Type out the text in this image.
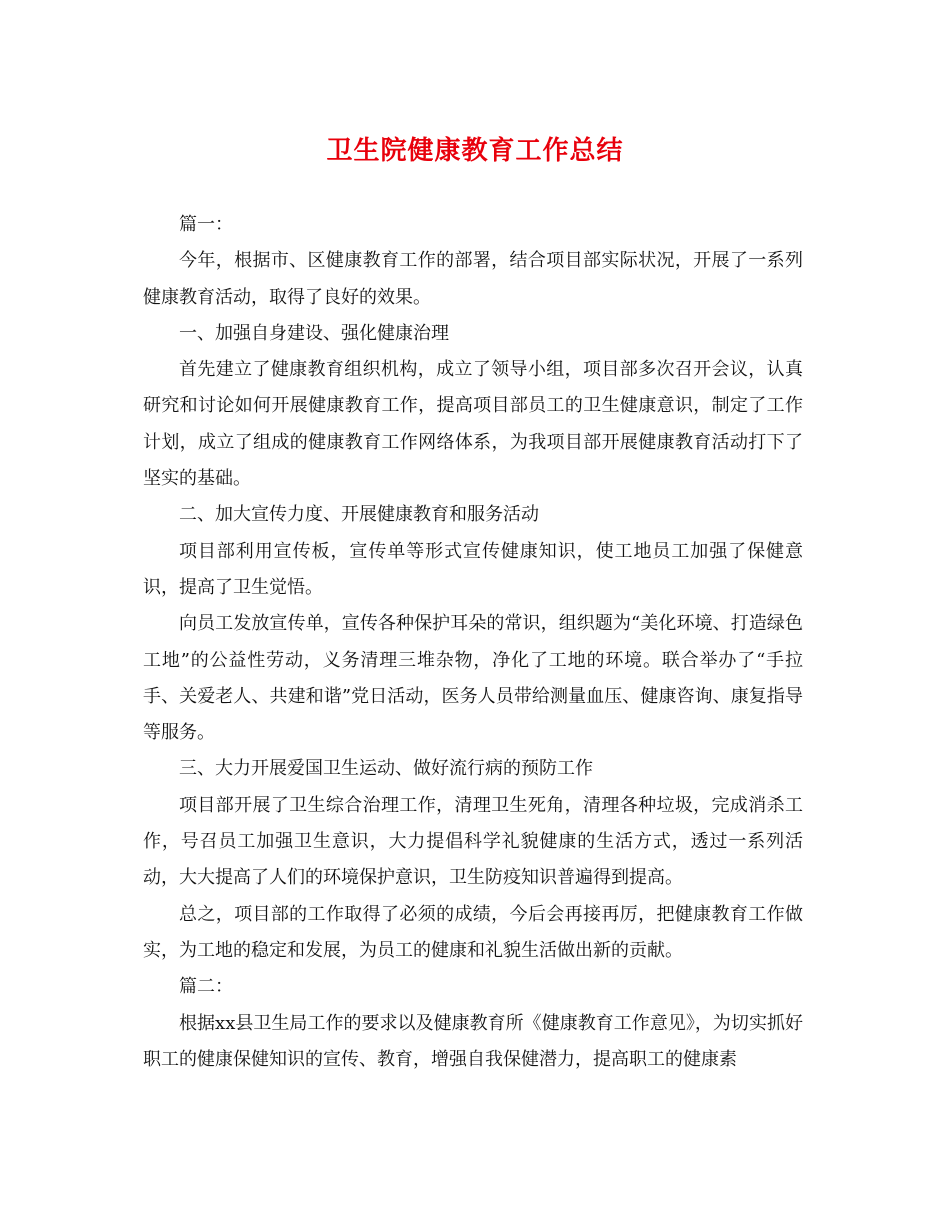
卫生院健康教育工作总结

篇一：

今年，根据市、区健康教育工作的部署，结合项目部实际状况，开展了一系列健康教育活动，取得了良好的效果。

一、加强自身建设、强化健康治理

首先建立了健康教育组织机构，成立了领导小组，项目部多次召开会议，认真研究和讨论如何开展健康教育工作，提高项目部员工的卫生健康意识，制定了工作计划，成立了组成的健康教育工作网络体系，为我项目部开展健康教育活动打下了坚实的基础。

二、加大宣传力度、开展健康教育和服务活动

项目部利用宣传板，宣传单等形式宣传健康知识，使工地员工加强了保健意识，提高了卫生觉悟。

向员工发放宣传单，宣传各种保护耳朵的常识，组织题为“美化环境、打造绿色工地”的公益性劳动，义务清理三堆杂物，净化了工地的环境。联合举办了“手拉手、关爱老人、共建和谐”党日活动，医务人员带给测量血压、健康咨询、康复指导等服务。

三、大力开展爱国卫生运动、做好流行病的预防工作

项目部开展了卫生综合治理工作，清理卫生死角，清理各种垃圾，完成消杀工作，号召员工加强卫生意识，大力提倡科学礼貌健康的生活方式，透过一系列活动，大大提高了人们的环境保护意识，卫生防疫知识普遍得到提高。

总之，项目部的工作取得了必须的成绩，今后会再接再厉，把健康教育工作做实，为工地的稳定和发展，为员工的健康和礼貌生活做出新的贡献。

篇二：

根据xx县卫生局工作的要求以及健康教育所《健康教育工作意见》，为切实抓好职工的健康保健知识的宣传、教育，增强自我保健潜力，提高职工的健康素
